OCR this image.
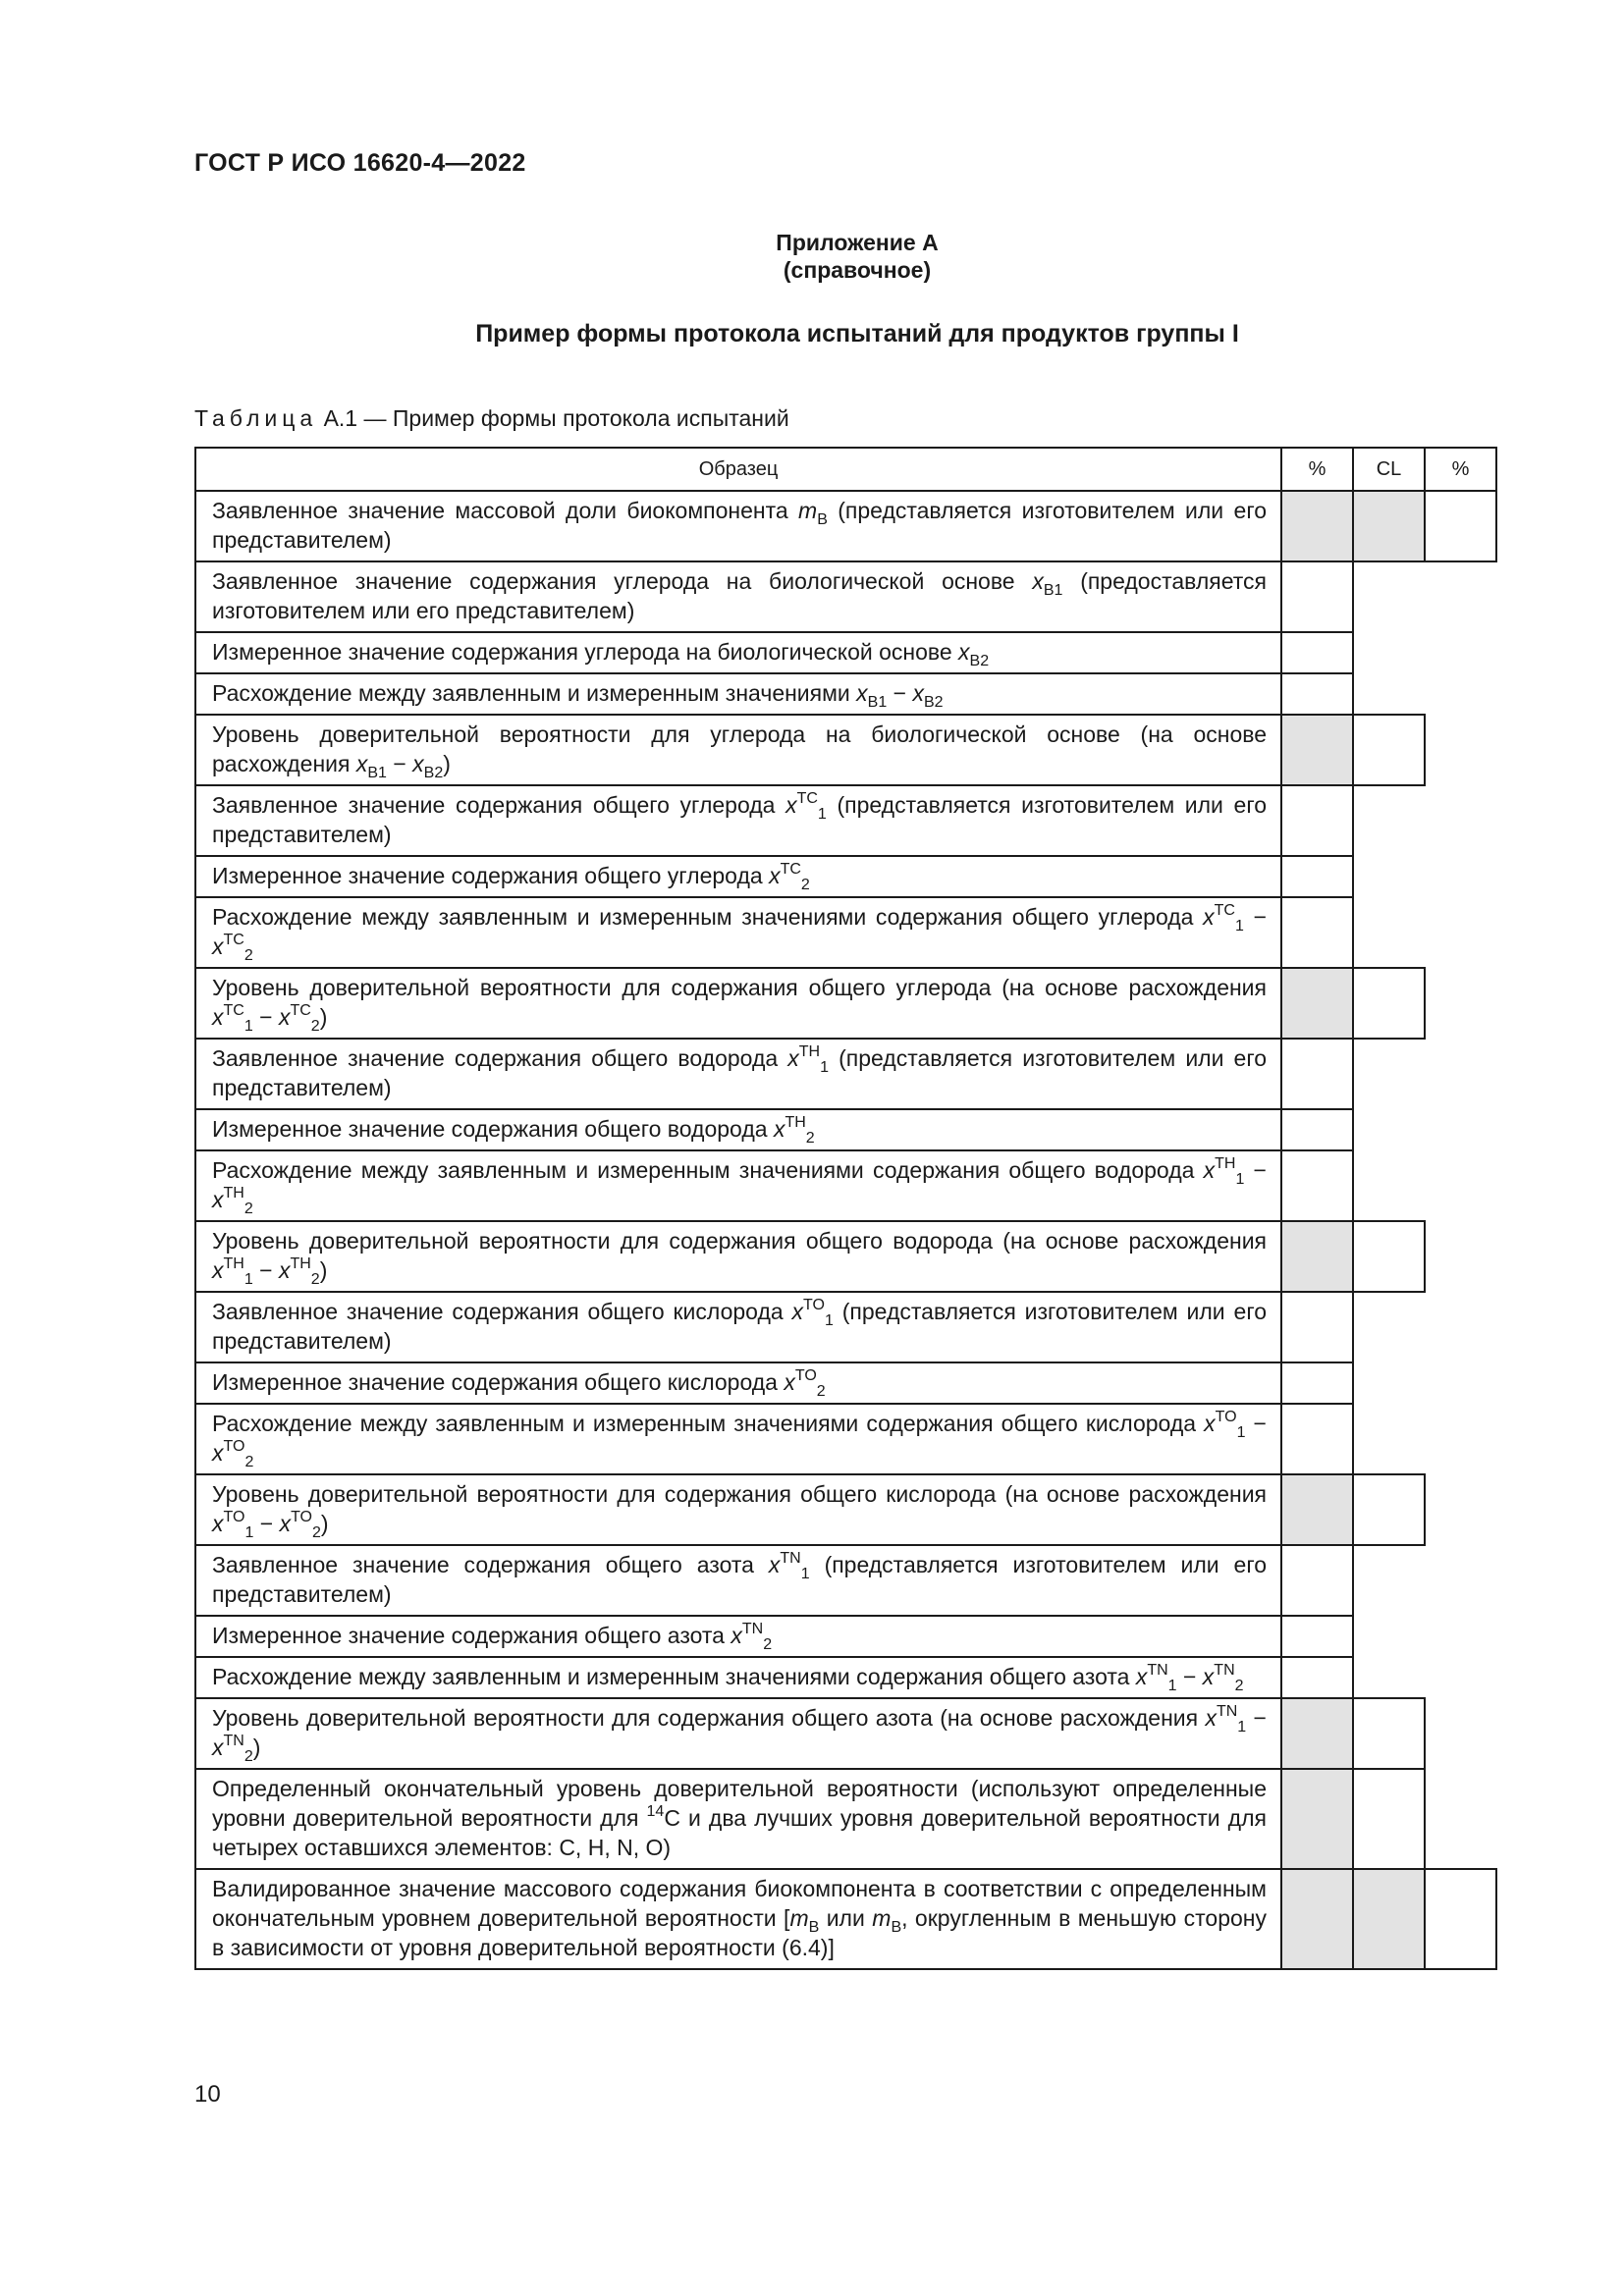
ГОСТ Р ИСО 16620-4—2022
Приложение А
(справочное)
Пример формы протокола испытаний для продуктов группы I
Таблица А.1 — Пример формы протокола испытаний
Образец	%	CL	%
Заявленное значение массовой доли биокомпонента $m_B$ (представляется изготовителем или его представителем)			
Заявленное значение содержания углерода на биологической основе $x_{B1}$ (предоставляется изготовителем или его представителем)			
Измеренное значение содержания углерода на биологической основе $x_{B2}$			
Расхождение между заявленным и измеренным значениями $x_{B1} - x_{B2}$			
Уровень доверительной вероятности для углерода на биологической основе (на основе расхождения $x_{B1} - x_{B2}$)			
Заявленное значение содержания общего углерода $x^{TC}_1$ (представляется изготовителем или его представителем)			
Измеренное значение содержания общего углерода $x^{TC}_2$			
Расхождение между заявленным и измеренным значениями содержания общего углерода $x^{TC}_1 - x^{TC}_2$			
Уровень доверительной вероятности для содержания общего углерода (на основе расхождения $x^{TC}_1 - x^{TC}_2$)			
Заявленное значение содержания общего водорода $x^{TH}_1$ (представляется изготовителем или его представителем)			
Измеренное значение содержания общего водорода $x^{TH}_2$			
Расхождение между заявленным и измеренным значениями содержания общего водорода $x^{TH}_1 - x^{TH}_2$			
Уровень доверительной вероятности для содержания общего водорода (на основе расхождения $x^{TH}_1 - x^{TH}_2$)			
Заявленное значение содержания общего кислорода $x^{TO}_1$ (представляется изготовителем или его представителем)			
Измеренное значение содержания общего кислорода $x^{TO}_2$			
Расхождение между заявленным и измеренным значениями содержания общего кислорода $x^{TO}_1 - x^{TO}_2$			
Уровень доверительной вероятности для содержания общего кислорода (на основе расхождения $x^{TO}_1 - x^{TO}_2$)			
Заявленное значение содержания общего азота $x^{TN}_1$ (представляется изготовителем или его представителем)			
Измеренное значение содержания общего азота $x^{TN}_2$			
Расхождение между заявленным и измеренным значениями содержания общего азота $x^{TN}_1 - x^{TN}_2$			
Уровень доверительной вероятности для содержания общего азота (на основе расхождения $x^{TN}_1 - x^{TN}_2$)			
Определенный окончательный уровень доверительной вероятности (используют определенные уровни доверительной вероятности для $^{14}$C и два лучших уровня доверительной вероятности для четырех оставшихся элементов: C, H, N, O)			
Валидированное значение массового содержания биокомпонента в соответствии с определенным окончательным уровнем доверительной вероятности [$m_B$ или $m_B$, округленным в меньшую сторону в зависимости от уровня доверительной вероятности (6.4)]			
10
